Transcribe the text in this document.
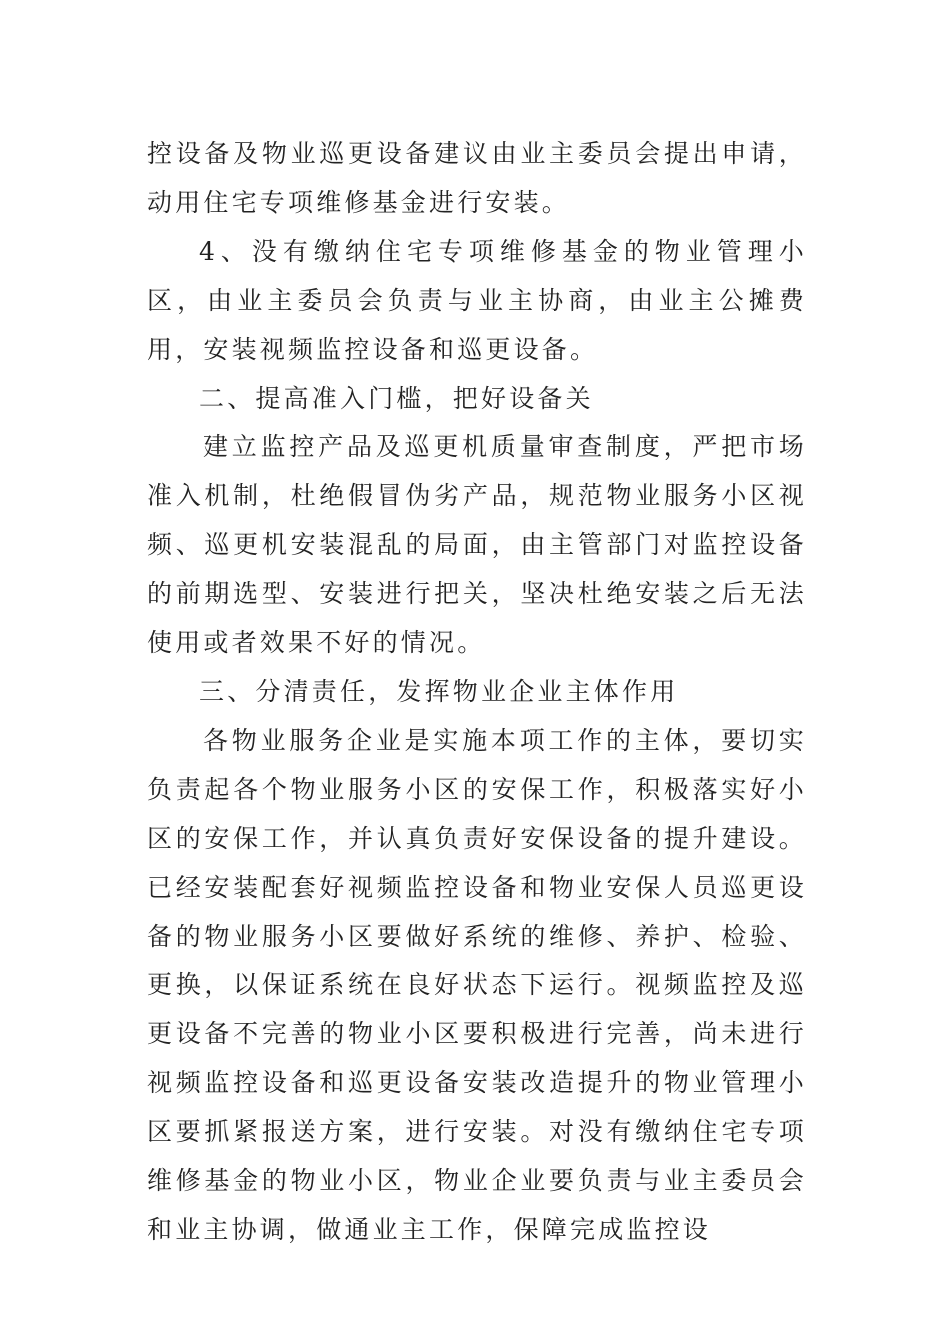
控设备及物业巡更设备建议由业主委员会提出申请，动用住宅专项维修基金进行安装。

4、没有缴纳住宅专项维修基金的物业管理小区，由业主委员会负责与业主协商，由业主公摊费用，安装视频监控设备和巡更设备。

二、提高准入门槛，把好设备关

建立监控产品及巡更机质量审查制度，严把市场准入机制，杜绝假冒伪劣产品，规范物业服务小区视频、巡更机安装混乱的局面，由主管部门对监控设备的前期选型、安装进行把关，坚决杜绝安装之后无法使用或者效果不好的情况。

三、分清责任，发挥物业企业主体作用

各物业服务企业是实施本项工作的主体，要切实负责起各个物业服务小区的安保工作，积极落实好小区的安保工作，并认真负责好安保设备的提升建设。已经安装配套好视频监控设备和物业安保人员巡更设备的物业服务小区要做好系统的维修、养护、检验、更换，以保证系统在良好状态下运行。视频监控及巡更设备不完善的物业小区要积极进行完善，尚未进行视频监控设备和巡更设备安装改造提升的物业管理小区要抓紧报送方案，进行安装。对没有缴纳住宅专项维修基金的物业小区，物业企业要负责与业主委员会和业主协调，做通业主工作，保障完成监控设
